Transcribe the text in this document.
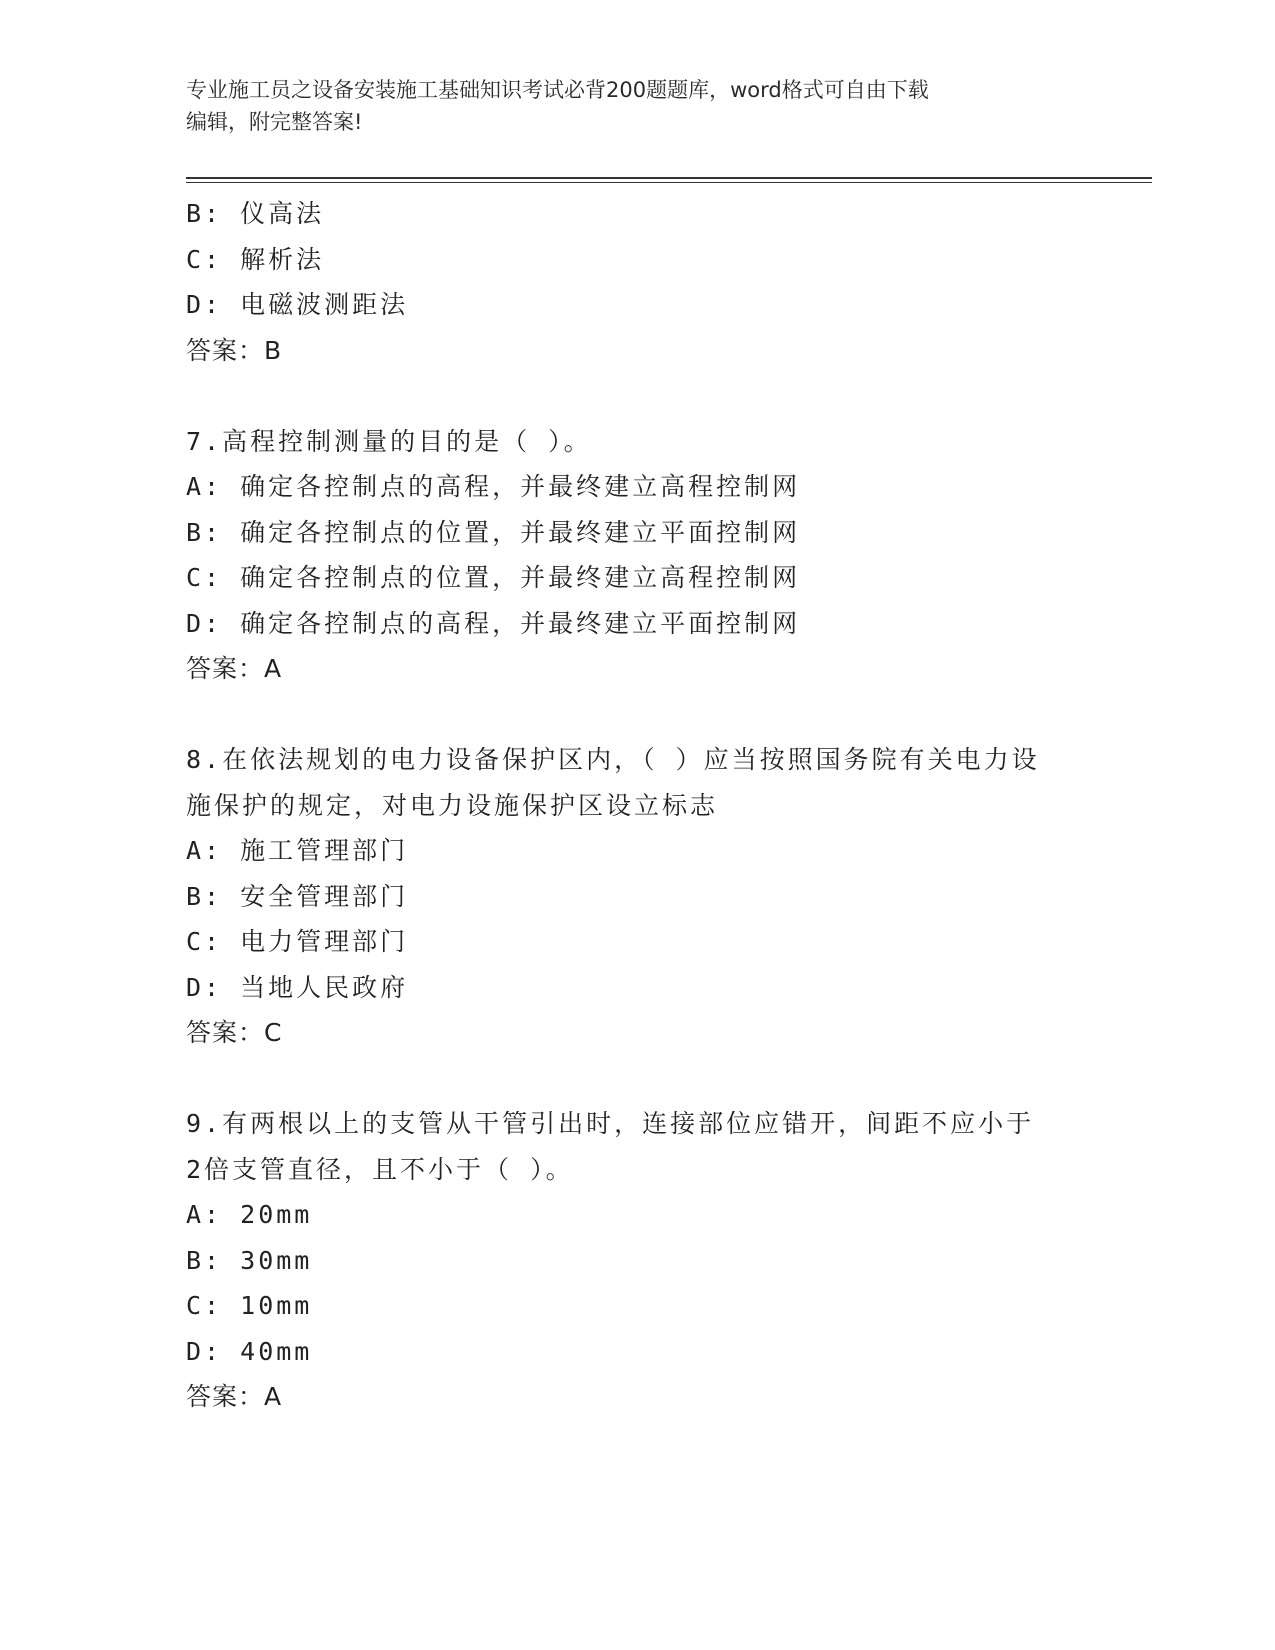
专业施工员之设备安装施工基础知识考试必背200题题库，word格式可自由下载
编辑，附完整答案!
B: 仪高法
C: 解析法
D: 电磁波测距法
答案：B
7.高程控制测量的目的是（ ）。
A: 确定各控制点的高程，并最终建立高程控制网
B: 确定各控制点的位置，并最终建立平面控制网
C: 确定各控制点的位置，并最终建立高程控制网
D: 确定各控制点的高程，并最终建立平面控制网
答案：A
8.在依法规划的电力设备保护区内，（ ）应当按照国务院有关电力设
施保护的规定，对电力设施保护区设立标志
A: 施工管理部门
B: 安全管理部门
C: 电力管理部门
D: 当地人民政府
答案：C
9.有两根以上的支管从干管引出时，连接部位应错开，间距不应小于
2倍支管直径，且不小于（ ）。
A: 20mm
B: 30mm
C: 10mm
D: 40mm
答案：A
